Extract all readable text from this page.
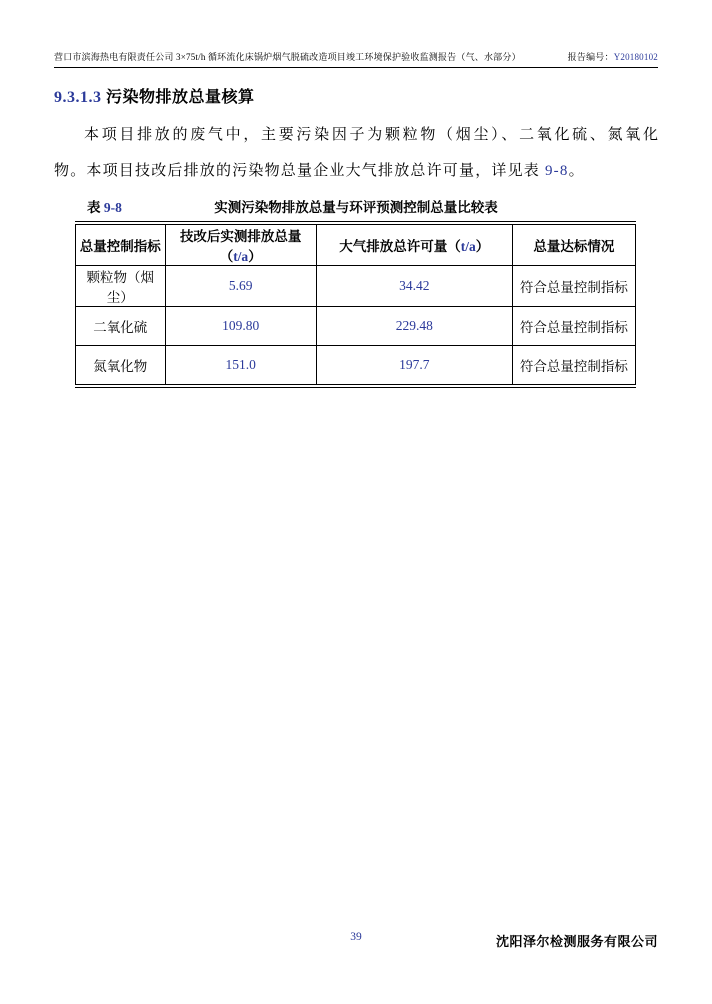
营口市滨海热电有限责任公司 3×75t/h 循环流化床锅炉烟气脱硫改造项目竣工环境保护验收监测报告（气、水部分）	报告编号：Y20180102
9.3.1.3 污染物排放总量核算
本项目排放的废气中，主要污染因子为颗粒物（烟尘）、二氧化硫、氮氧化
物。本项目技改后排放的污染物总量企业大气排放总许可量，详见表 9-8。
表 9-8	实测污染物排放总量与环评预测控制总量比较表
总量控制指标	技改后实测排放总量（t/a）	大气排放总许可量（t/a）	总量达标情况
颗粒物（烟尘）	5.69	34.42	符合总量控制指标
二氧化硫	109.80	229.48	符合总量控制指标
氮氧化物	151.0	197.7	符合总量控制指标
39	沈阳泽尔检测服务有限公司
